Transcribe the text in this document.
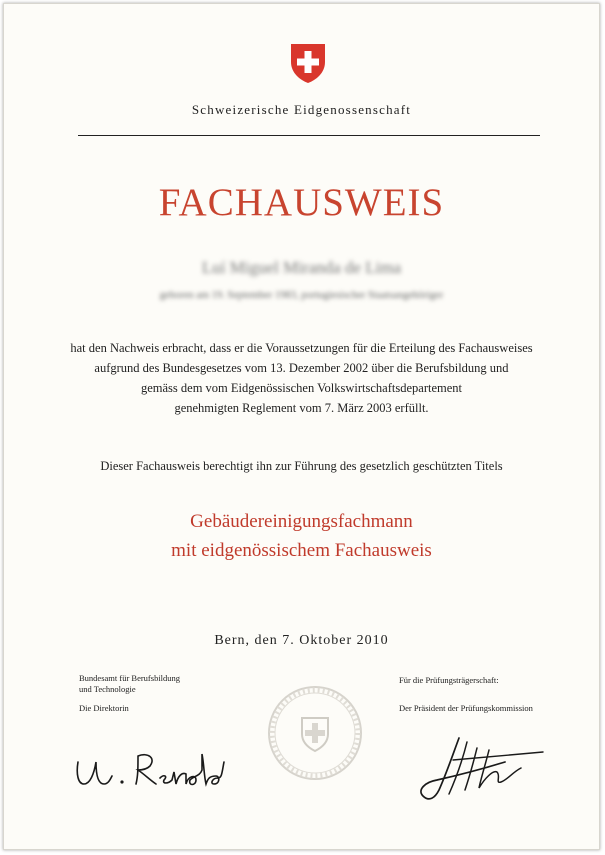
Schweizerische Eidgenossenschaft
FACHAUSWEIS
Luí Miguel Miranda de Lima
geboren am 19. September 1983, portugiesischer Staatsangehöriger
hat den Nachweis erbracht, dass er die Voraussetzungen für die Erteilung des Fachausweises
aufgrund des Bundesgesetzes vom 13. Dezember 2002 über die Berufsbildung und
gemäss dem vom Eidgenössischen Volkswirtschaftsdepartement
genehmigten Reglement vom 7. März 2003 erfüllt.
Dieser Fachausweis berechtigt ihn zur Führung des gesetzlich geschützten Titels
Gebäudereinigungsfachmann
mit eidgenössischem Fachausweis
Bern, den 7. Oktober 2010
Bundesamt für Berufsbildung
und Technologie
Die Direktorin
Für die Prüfungsträgerschaft:
Der Präsident der Prüfungskommission
